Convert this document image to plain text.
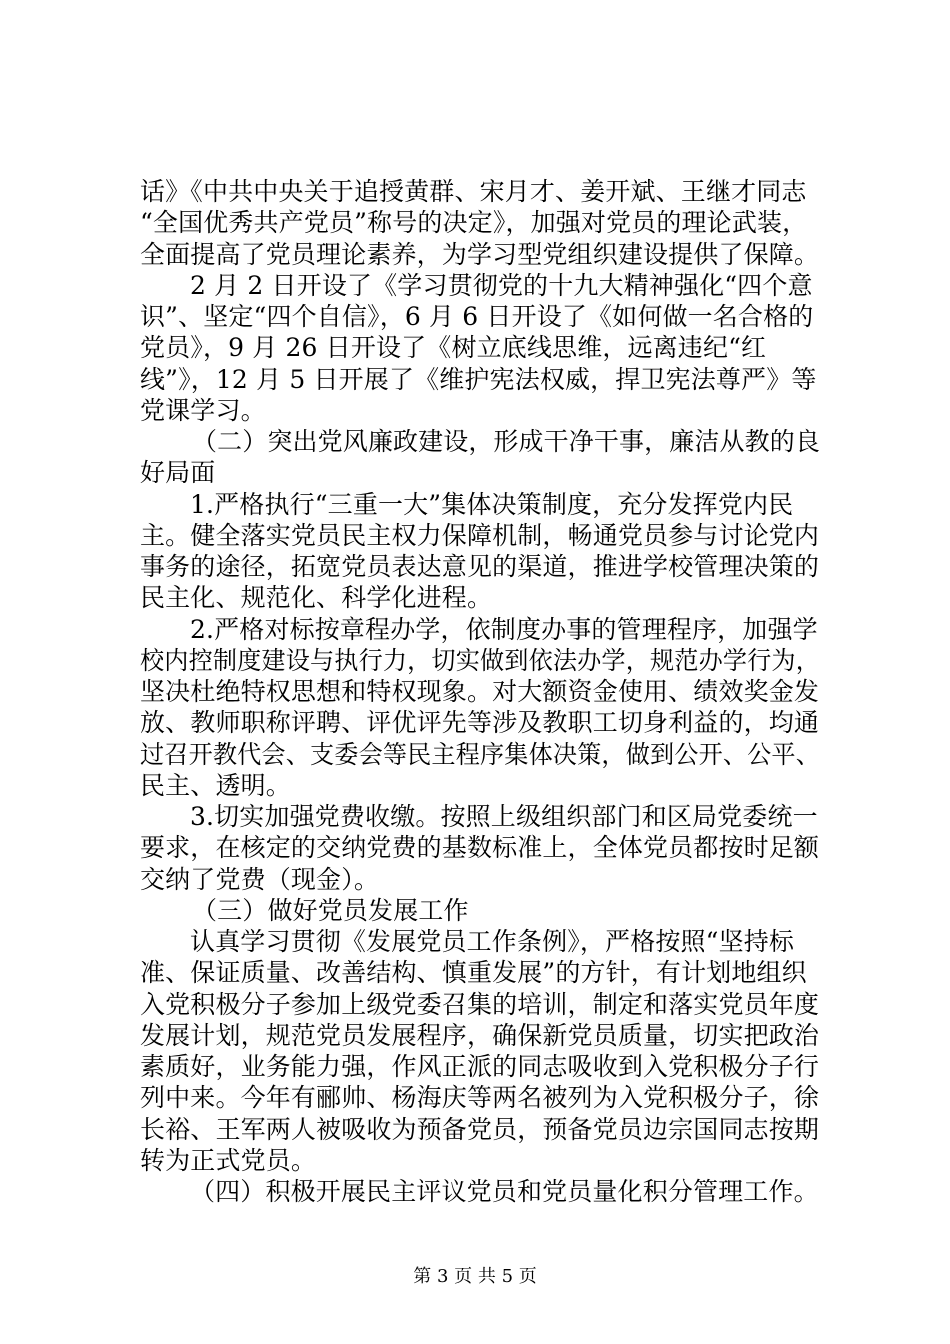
话》《中共中央关于追授黄群、宋月才、姜开斌、王继才同志
“全国优秀共产党员”称号的决定》，加强对党员的理论武装，
全面提高了党员理论素养，为学习型党组织建设提供了保障。
2 月 2 日开设了《学习贯彻党的十九大精神强化“四个意
识”、坚定“四个自信》，6 月 6 日开设了《如何做一名合格的
党员》，9 月 26 日开设了《树立底线思维，远离违纪“红
线”》，12 月 5 日开展了《维护宪法权威，捍卫宪法尊严》等
党课学习。
（二）突出党风廉政建设，形成干净干事，廉洁从教的良
好局面
1.严格执行“三重一大”集体决策制度，充分发挥党内民
主。健全落实党员民主权力保障机制，畅通党员参与讨论党内
事务的途径，拓宽党员表达意见的渠道，推进学校管理决策的
民主化、规范化、科学化进程。
2.严格对标按章程办学，依制度办事的管理程序，加强学
校内控制度建设与执行力，切实做到依法办学，规范办学行为，
坚决杜绝特权思想和特权现象。对大额资金使用、绩效奖金发
放、教师职称评聘、评优评先等涉及教职工切身利益的，均通
过召开教代会、支委会等民主程序集体决策，做到公开、公平、
民主、透明。
3.切实加强党费收缴。按照上级组织部门和区局党委统一
要求，在核定的交纳党费的基数标准上，全体党员都按时足额
交纳了党费（现金）。
（三）做好党员发展工作
认真学习贯彻《发展党员工作条例》，严格按照“坚持标
准、保证质量、改善结构、慎重发展”的方针，有计划地组织
入党积极分子参加上级党委召集的培训，制定和落实党员年度
发展计划，规范党员发展程序，确保新党员质量，切实把政治
素质好，业务能力强，作风正派的同志吸收到入党积极分子行
列中来。今年有郦帅、杨海庆等两名被列为入党积极分子，徐
长裕、王军两人被吸收为预备党员，预备党员边宗国同志按期
转为正式党员。
（四）积极开展民主评议党员和党员量化积分管理工作。
第 3 页 共 5 页
